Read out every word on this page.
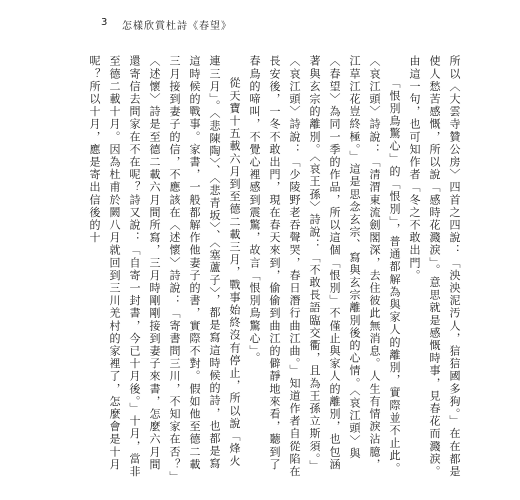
3 怎樣欣賞杜詩《春望》

所以〈大雲寺贊公房〉四首之四說：「泱泱泥汚人，狺狺國多狗。」在在都是使人愁苦感慨，所以說「感時花濺淚」。意思就是感慨時事，見春花而濺淚。由這一句，也可知作者「冬之不敢出門。

「恨別鳥驚心」的「恨別」，普通都解為與家人的離別，實際並不止此。〈哀江頭〉詩說：「清渭東流劍閣深，去住彼此無消息。人生有情淚沾臆，江草江花豈終極。」這是思念玄宗、寫與玄宗離別後的心情。〈哀江頭〉與〈春望〉為同一季的作品，所以這個「恨別」不僅止與家人的離別，也包涵著與玄宗的離別。〈哀王孫〉詩說：「不敢長語臨交衢，且為王孫立斯須。」〈哀江頭〉詩說：「少陵野老吞聲哭，春日潛行曲江曲。」知道作者自從陷在長安後，一冬不敢出門，現在春天來到，偷偷到曲江的僻靜地來看，聽到了春鳥的啼叫，不覺心裡感到震驚，故言「恨別鳥驚心」。

從天寶十五載六月到至德二載三月，戰事始終沒有停止，所以說「烽火連三月」。〈悲陳陶〉、〈悲青坂〉、〈塞蘆子〉，都是寫這時候的詩，也都是寫這時候的戰事。家書，一般都解作他妻子的書，實際不對。假如他至德二載三月接到妻子的信，不應該在〈述懷〉詩說：「寄書問三川，不知家在否？」〈述懷〉詩是至德二載六月間所寫，三月時剛剛接到妻子來書，怎麼六月間還寄信去問家在不在呢？詩又說：「自寄一封書，今已十月後。」十月，當非至德二載十月。因為杜甫於闕八月就回到三川羌村的家裡了，怎麼會是十月呢？所以十月，應是寄出信後的十
